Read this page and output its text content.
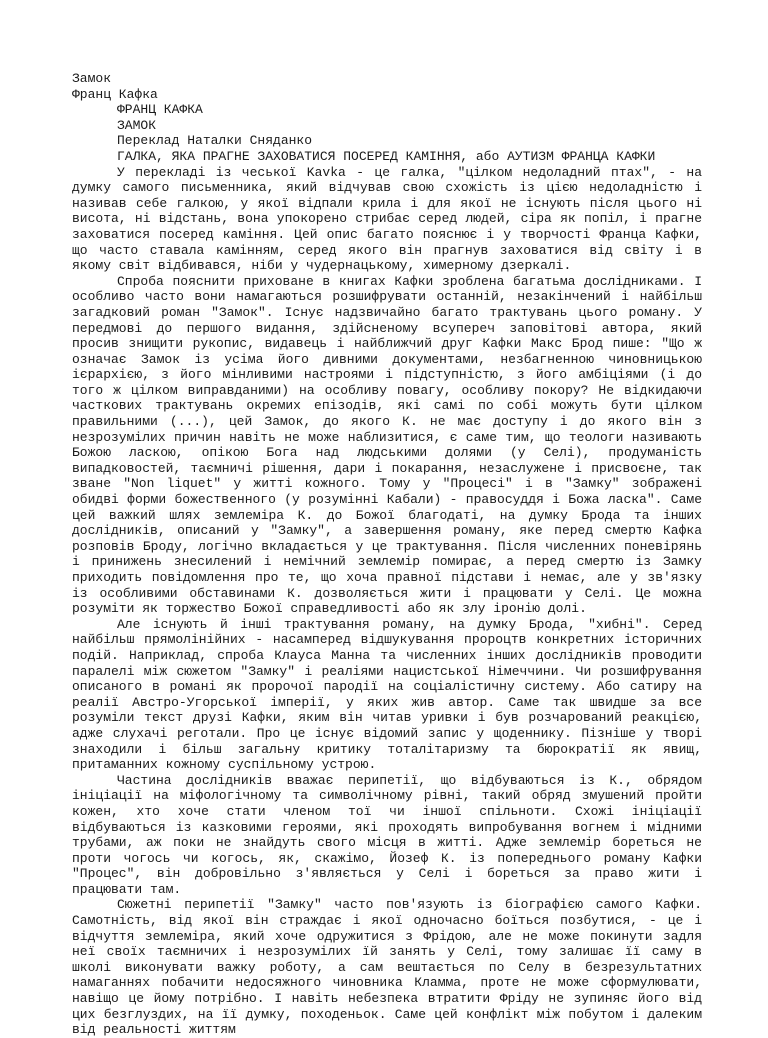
Замок
Франц Кафка
ФРАНЦ КАФКА
ЗАМОК
Переклад Наталки Сняданко
ГАЛКА, ЯКА ПРАГНЕ ЗАХОВАТИСЯ ПОСЕРЕД КАМІННЯ, або АУТИЗМ ФРАНЦА КАФКИ

У перекладі із чеської Kavka - це галка, "цілком недоладний птах", - на думку самого письменника, який відчував свою схожість із цією недоладністю і називав себе галкою, у якої відпали крила і для якої не існують після цього ні висота, ні відстань, вона упокорено стрибає серед людей, сіра як попіл, і прагне заховатися посеред каміння. Цей опис багато пояснює і у творчості Франца Кафки, що часто ставала камінням, серед якого він прагнув заховатися від світу і в якому світ відбивався, ніби у чудернацькому, химерному дзеркалі.

Спроба пояснити приховане в книгах Кафки зроблена багатьма дослідниками. І особливо часто вони намагаються розшифрувати останній, незакінчений і найбільш загадковий роман "Замок". Існує надзвичайно багато трактувань цього роману. У передмові до першого видання, здійсненому всупереч заповітові автора, який просив знищити рукопис, видавець і найближчий друг Кафки Макс Брод пише: "Що ж означає Замок із усіма його дивними документами, незбагненною чиновницькою ієрархією, з його мінливими настроями і підступністю, з його амбіціями (і до того ж цілком виправданими) на особливу повагу, особливу покору? Не відкидаючи часткових трактувань окремих епізодів, які самі по собі можуть бути цілком правильними (...), цей Замок, до якого К. не має доступу і до якого він з незрозумілих причин навіть не може наблизитися, є саме тим, що теологи називають Божою ласкою, опікою Бога над людськими долями (у Селі), продуманість випадковостей, таємничі рішення, дари і покарання, незаслужене і присвоєне, так зване "Non liquet" у житті кожного. Тому у "Процесі" і в "Замку" зображені обидві форми божественного (у розумінні Кабали) - правосуддя і Божа ласка". Саме цей важкий шлях землеміра К. до Божої благодаті, на думку Брода та інших дослідників, описаний у "Замку", а завершення роману, яке перед смертю Кафка розповів Броду, логічно вкладається у це трактування. Після численних поневірянь і принижень знесилений і немічний землемір помирає, а перед смертю із Замку приходить повідомлення про те, що хоча правної підстави і немає, але у зв'язку із особливими обставинами К. дозволяється жити і працювати у Селі. Це можна розуміти як торжество Божої справедливості або як злу іронію долі.

Але існують й інші трактування роману, на думку Брода, "хибні". Серед найбільш прямолінійних - насамперед відшукування пророцтв конкретних історичних подій. Наприклад, спроба Клауса Манна та численних інших дослідників проводити паралелі між сюжетом "Замку" і реаліями нацистської Німеччини. Чи розшифрування описаного в романі як пророчої пародії на соціалістичну систему. Або сатиру на реалії Австро-Угорської імперії, у яких жив автор. Саме так швидше за все розуміли текст друзі Кафки, яким він читав уривки і був розчарований реакцією, адже слухачі реготали. Про це існує відомий запис у щоденнику. Пізніше у творі знаходили і більш загальну критику тоталітаризму та бюрократії як явищ, притаманних кожному суспільному устрою.

Частина дослідників вважає перипетії, що відбуваються із К., обрядом ініціації на міфологічному та символічному рівні, такий обряд змушений пройти кожен, хто хоче стати членом тої чи іншої спільноти. Схожі ініціації відбуваються із казковими героями, які проходять випробування вогнем і мідними трубами, аж поки не знайдуть свого місця в житті. Адже землемір бореться не проти чогось чи когось, як, скажімо, Йозеф К. із попереднього роману Кафки "Процес", він добровільно з'являється у Селі і бореться за право жити і працювати там.

Сюжетні перипетії "Замку" часто пов'язують із біографією самого Кафки. Самотність, від якої він страждає і якої одночасно боїться позбутися, - це і відчуття землеміра, який хоче одружитися з Фрідою, але не може покинути задля неї своїх таємничих і незрозумілих їй занять у Селі, тому залишає її саму в школі виконувати важку роботу, а сам вештається по Селу в безрезультатних намаганнях побачити недосяжного чиновника Кламма, проте не може сформулювати, навіщо це йому потрібно. І навіть небезпека втратити Фріду не зупиняє його від цих безглуздих, на її думку, походеньок. Саме цей конфлікт між побутом і далеким від реальності життям
